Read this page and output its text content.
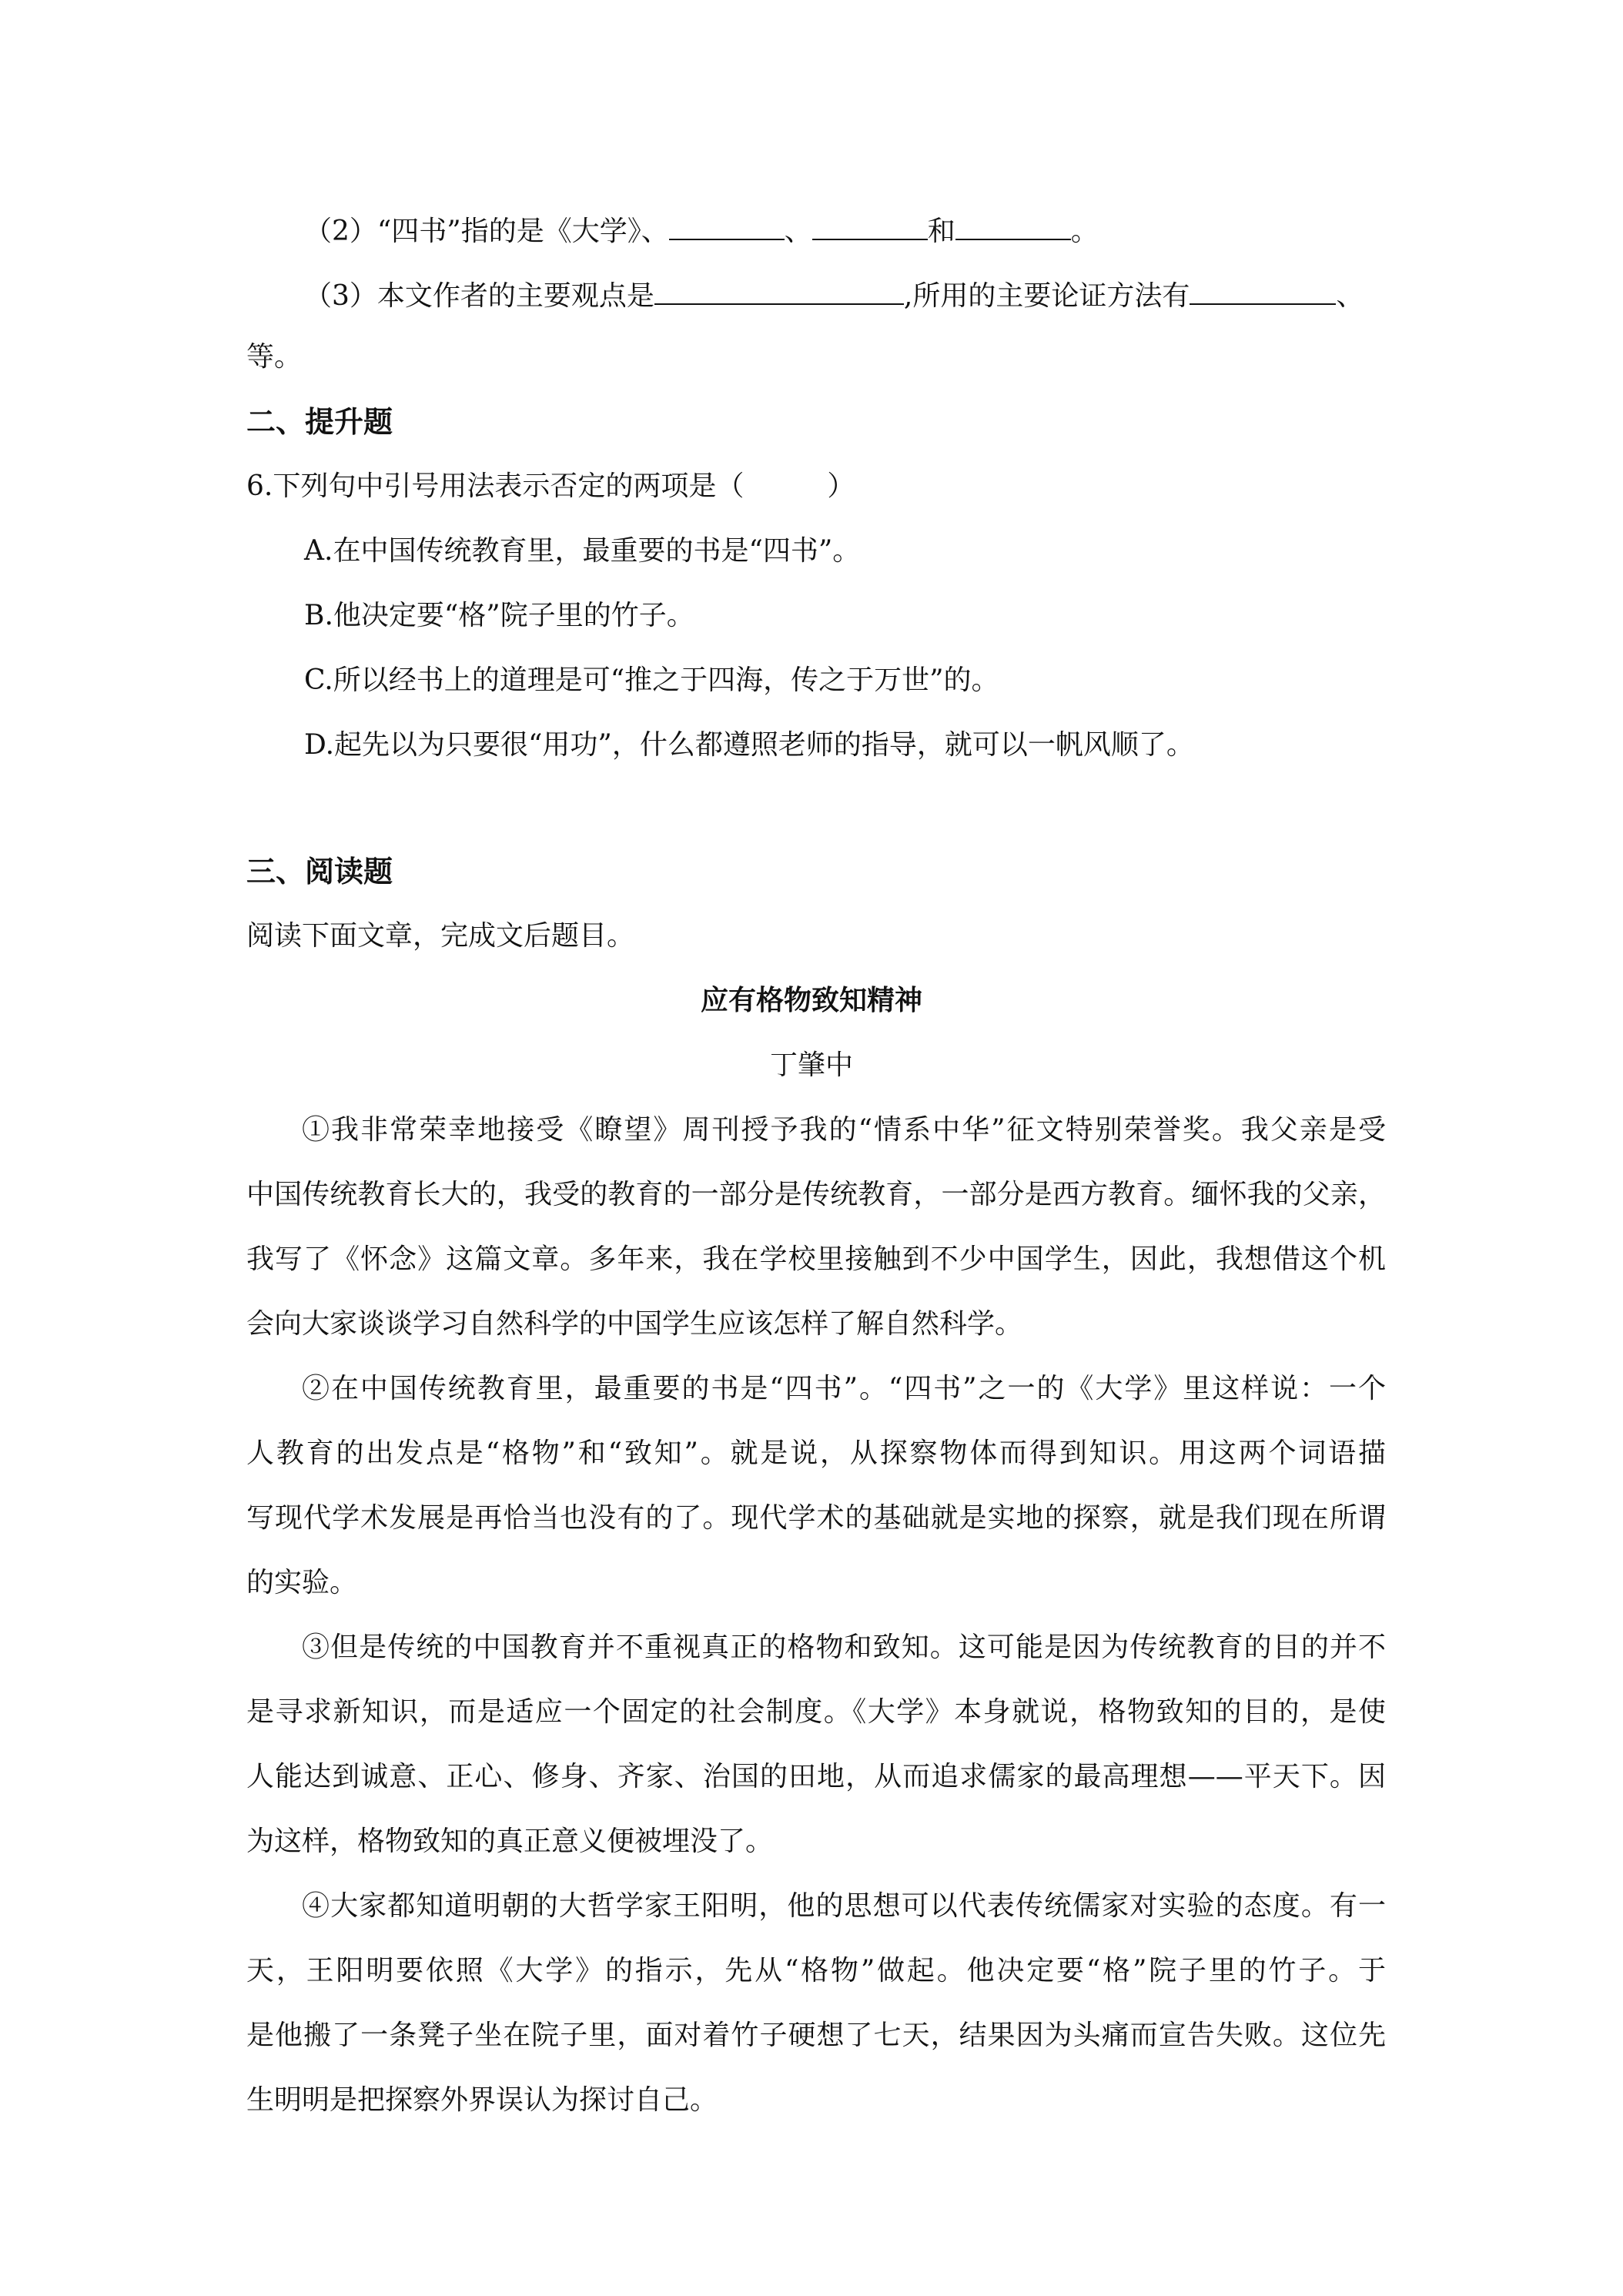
（2）“四书”指的是《大学》、	、	和	。
（3）本文作者的主要观点是	,所用的主要论证方法有	、
等。
二、提升题
6.下列句中引号用法表示否定的两项是（　　　）
A.在中国传统教育里，最重要的书是“四书”。
B.他决定要“格”院子里的竹子。
C.所以经书上的道理是可“推之于四海，传之于万世”的。
D.起先以为只要很“用功”，什么都遵照老师的指导，就可以一帆风顺了。
三、阅读题
阅读下面文章，完成文后题目。
应有格物致知精神
丁肇中
①我非常荣幸地接受《瞭望》周刊授予我的“情系中华”征文特别荣誉奖。我父亲是受
中国传统教育长大的，我受的教育的一部分是传统教育，一部分是西方教育。缅怀我的父亲，
我写了《怀念》这篇文章。多年来，我在学校里接触到不少中国学生，因此，我想借这个机
会向大家谈谈学习自然科学的中国学生应该怎样了解自然科学。
②在中国传统教育里，最重要的书是“四书”。“四书”之一的《大学》里这样说：一个
人教育的出发点是“格物”和“致知”。就是说，从探察物体而得到知识。用这两个词语描
写现代学术发展是再恰当也没有的了。现代学术的基础就是实地的探察，就是我们现在所谓
的实验。
③但是传统的中国教育并不重视真正的格物和致知。这可能是因为传统教育的目的并不
是寻求新知识，而是适应一个固定的社会制度。《大学》本身就说，格物致知的目的，是使
人能达到诚意、正心、修身、齐家、治国的田地，从而追求儒家的最高理想——平天下。因
为这样，格物致知的真正意义便被埋没了。
④大家都知道明朝的大哲学家王阳明，他的思想可以代表传统儒家对实验的态度。有一
天，王阳明要依照《大学》的指示，先从“格物”做起。他决定要“格”院子里的竹子。于
是他搬了一条凳子坐在院子里，面对着竹子硬想了七天，结果因为头痛而宣告失败。这位先
生明明是把探察外界误认为探讨自己。
